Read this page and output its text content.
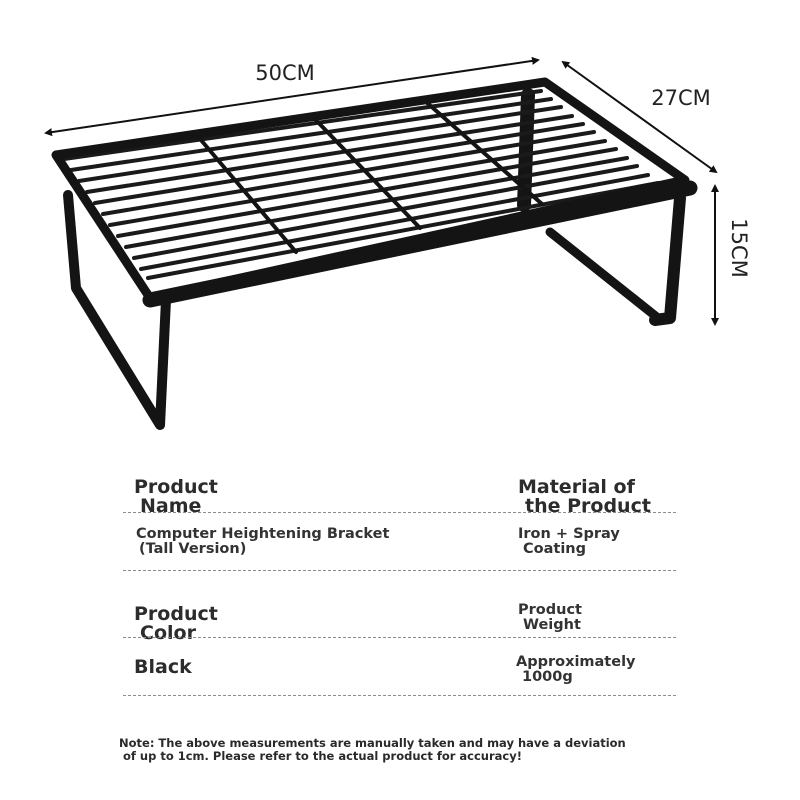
50CM
27CM
15CM
Product
Name
Material of
the Product
Computer Heightening Bracket
(Tall Version)
Iron + Spray
Coating
Product
Color
Product
Weight
Black	Approximately
1000g
Note: The above measurements are manually taken and may have a deviation
of up to 1cm. Please refer to the actual product for accuracy!
